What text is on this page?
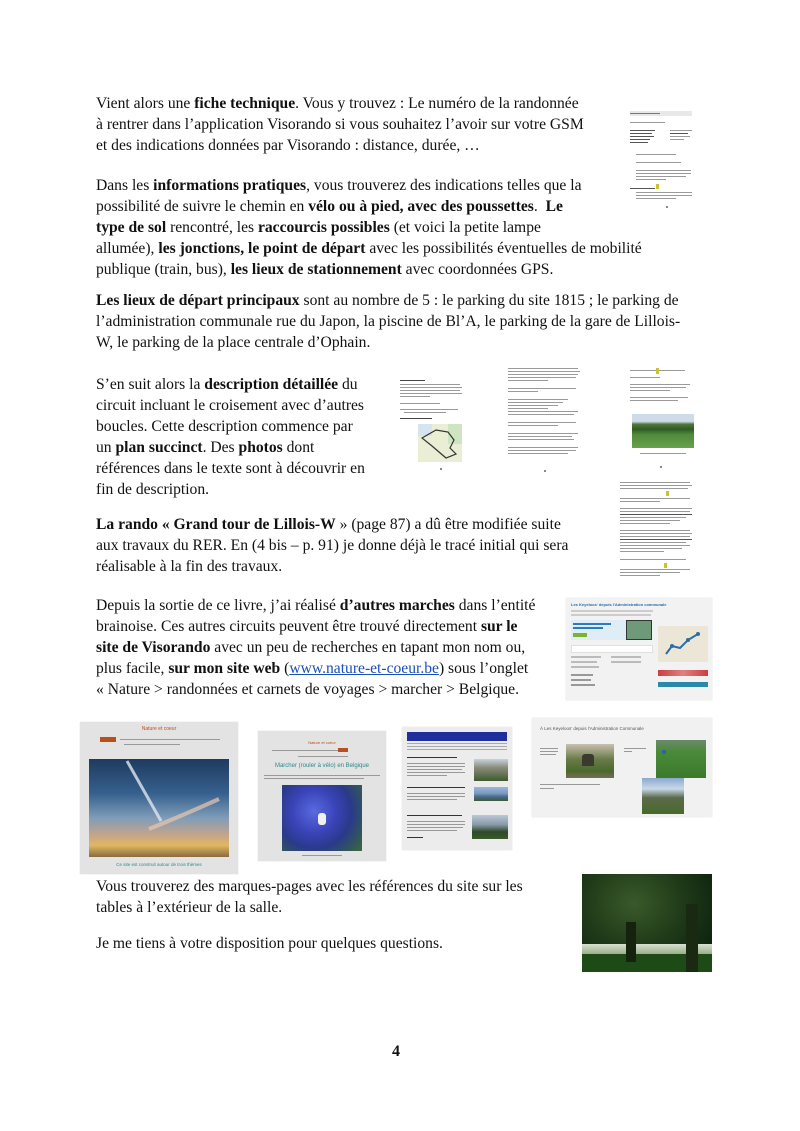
Vient alors une fiche technique. Vous y trouvez : Le numéro de la randonnée
à rentrer dans l’application Visorando si vous souhaitez l’avoir sur votre GSM
et des indications données par Visorando : distance, durée, …

Dans les informations pratiques, vous trouverez des indications telles que la
possibilité de suivre le chemin en vélo ou à pied, avec des poussettes.  Le
type de sol rencontré, les raccourcis possibles (et voici la petite lampe
allumée), les jonctions, le point de départ avec les possibilités éventuelles de mobilité
publique (train, bus), les lieux de stationnement avec coordonnées GPS.

Les lieux de départ principaux sont au nombre de 5 : le parking du site 1815 ; le parking de
l’administration communale rue du Japon, la piscine de Bl’A, le parking de la gare de Lillois-
W, le parking de la place centrale d’Ophain.

S’en suit alors la description détaillée du
circuit incluant le croisement avec d’autres
boucles. Cette description commence par
un plan succinct. Des photos dont
références dans le texte sont à découvrir en
fin de description.

La rando « Grand tour de Lillois-W » (page 87) a dû être modifiée suite
aux travaux du RER. En (4 bis – p. 91) je donne déjà le tracé initial qui sera
réalisable à la fin des travaux.

Depuis la sortie de ce livre, j’ai réalisé d’autres marches dans l’entité
brainoise. Ces autres circuits peuvent être trouvé directement sur le
site de Visorando avec un peu de recherches en tapant mon nom ou,
plus facile, sur mon site web (www.nature-et-coeur.be) sous l’onglet
« Nature > randonnées et carnets de voyages > marcher > Belgique.

Vous trouverez des marques-pages avec les références du site sur les
tables à l’extérieur de la salle.

Je me tiens à votre disposition pour quelques questions.

4
Les Keyeloos' depuis l'Administration communale
Nature et coeur
Ce site est construit autour de trois thèmes
Nature et coeur
Marcher (rouler à vélo) en Belgique
À Les Keyeloos' depuis l'Administration Communale
